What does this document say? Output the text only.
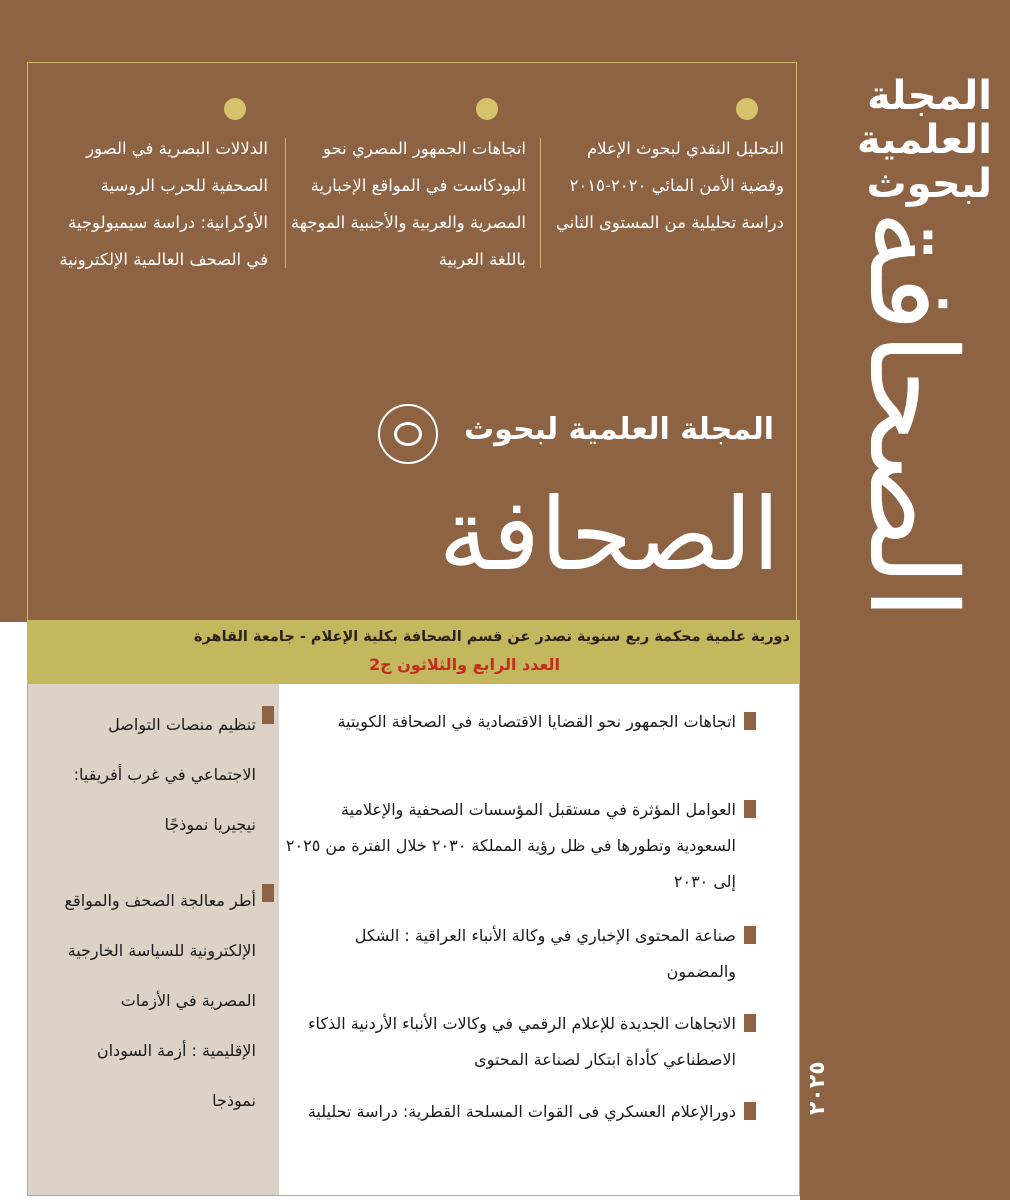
المجلة
العلمية
لبحوث
الصحافة
أكتوبر / ديسمبر ٢٠٢٥
التحليل النقدي لبحوث الإعلام وقضية الأمن المائي ٢٠٢٠-٢٠١٥ دراسة تحليلية من المستوى الثاني
اتجاهات الجمهور المصري نحو البودكاست في المواقع الإخبارية المصرية والعربية والأجنبية الموجهة باللغة العربية
الدلالات البصرية في الصور الصحفية للحرب الروسية الأوكرانية: دراسة سيميولوجية في الصحف العالمية الإلكترونية
المجلة العلمية لبحوث
الصحافة
دورية علمية محكمة ربع سنوية تصدر عن قسم الصحافة بكلية الإعلام - جامعة القاهرة
العدد الرابع والثلاثون ج2
اتجاهات الجمهور نحو القضايا الاقتصادية في الصحافة الكويتية
العوامل المؤثرة في مستقبل المؤسسات الصحفية والإعلامية السعودية وتطورها في ظل رؤية المملكة ٢٠٣٠ خلال الفترة من ٢٠٢٥ إلى ٢٠٣٠
صناعة المحتوى الإخباري في وكالة الأنباء العراقية : الشكل والمضمون
الاتجاهات الجديدة للإعلام الرقمي في وكالات الأنباء الأردنية الذكاء الاصطناعي كأداة ابتكار لصناعة المحتوى
دورالإعلام العسكري فى القوات المسلحة القطرية: دراسة تحليلية
تنظيم منصات التواصل الاجتماعي في غرب أفريقيا: نيجيريا نموذجًا
أطر معالجة الصحف والمواقع الإلكترونية للسياسة الخارجية المصرية في الأزمات الإقليمية : أزمة السودان نموذجا
